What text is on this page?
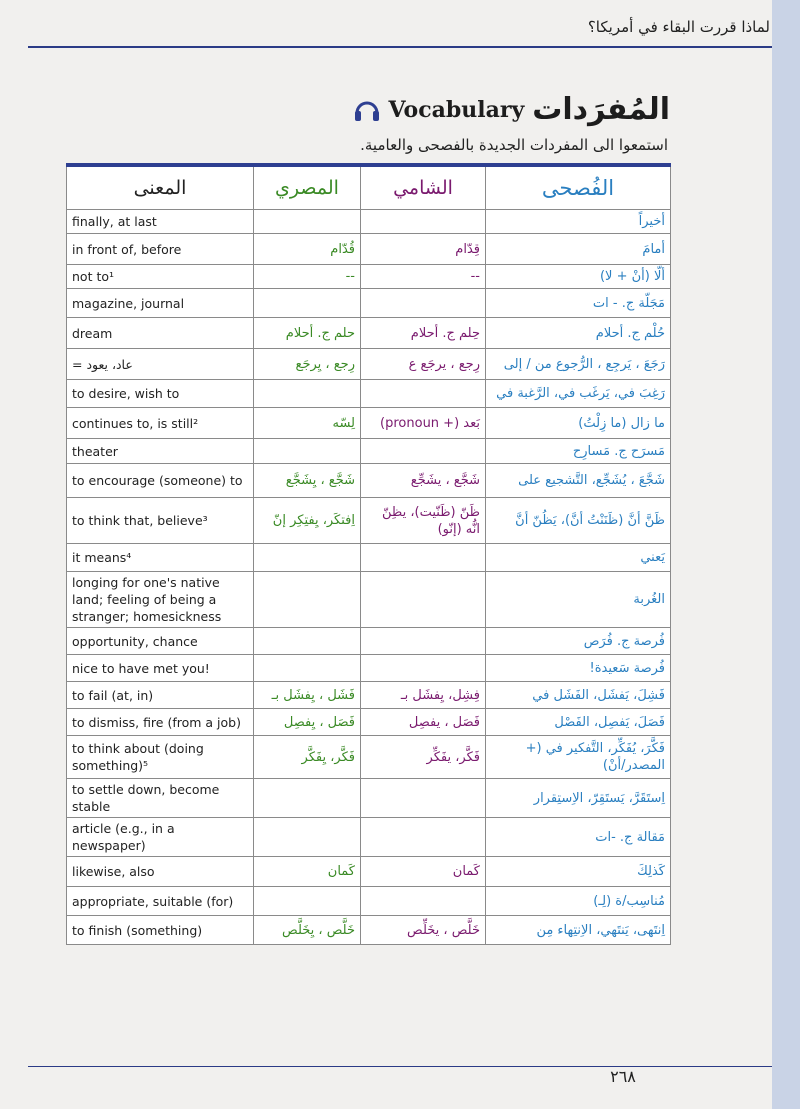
لماذا قررت البقاء في أمريكا؟
المُفرَدات
Vocabulary
استمعوا الى المفردات الجديدة بالفصحى والعامية.
المعنى	المصري	الشامي	الفُصحى
finally, at last			أخيراً
in front of, before	قُدّام	قِدّام	أمامَ
not to¹	--	--	ألّا (أنْ + لا)
magazine, journal			مَجَلّة ج. - ات
dream	حلم ج. أحلام	حِلم ج. أحلام	حُلْم ج. أحلام
= عاد، يعود	رِجع ، يِرجَع	رِجع ، يرجَع ع	رَجَعَ ، يَرجِع ، الرُّجوع من / إلى
to desire, wish to			رَغِبَ في، يَرغَب في، الرَّغبة في
continues to, is still²	لِسّه	بَعد (+ pronoun)	ما زال (ما زِلْتُ)
theater			مَسرَح ج. مَسارِح
to encourage (someone) to	شَجَّع ، يِشَجَّع	شَجَّع ، يشَجِّع	شَجَّعَ ، يُشَجِّع، التَّشجيع على
to think that, believe³	اِفتكَر، يِفتِكِر إنّ	ظَنّ (ظَنّيت)، يظِنّ انُّه (إنّو)	ظَنَّ أنَّ (ظَنَنْتُ أنَّ)، يَظُنّ أنَّ
it means⁴			يَعني
longing for one's native land; feeling of being a stranger; homesickness			الغُربة
opportunity, chance			فُرصة ج. فُرَص
nice to have met you!			فُرصة سَعيدة!
to fail (at, in)	فَشَل ، يِفشَل بـ	فِشِل، يِفشَل بـ	فَشِلَ، يَفشَل، الفَشَل في
to dismiss, fire (from a job)	فَصَل ، يِفصِل	فَصَل ، يفصِل	فَصَلَ، يَفصِل، الفَصْل
to think about (doing something)⁵	فَكَّر، يِفَكَّر	فَكَّر، يفَكِّر	فَكَّرَ، يُفَكِّر، التَّفكير في (+ المصدر/أنْ)
to settle down, become stable			اِستَقَرَّ، يَستَقِرّ، الاِستِقرار
article (e.g., in a newspaper)			مَقالة ج. -ات
likewise, also	كَمان	كَمان	كَذلِكَ
appropriate, suitable (for)			مُناسِب/ة (لِـ)
to finish (something)	خَلَّص ، يِخَلَّص	خَلَّص ، يخَلِّص	اِنتَهى، يَنتَهي، الاِنتِهاء مِن
٢٦٨
